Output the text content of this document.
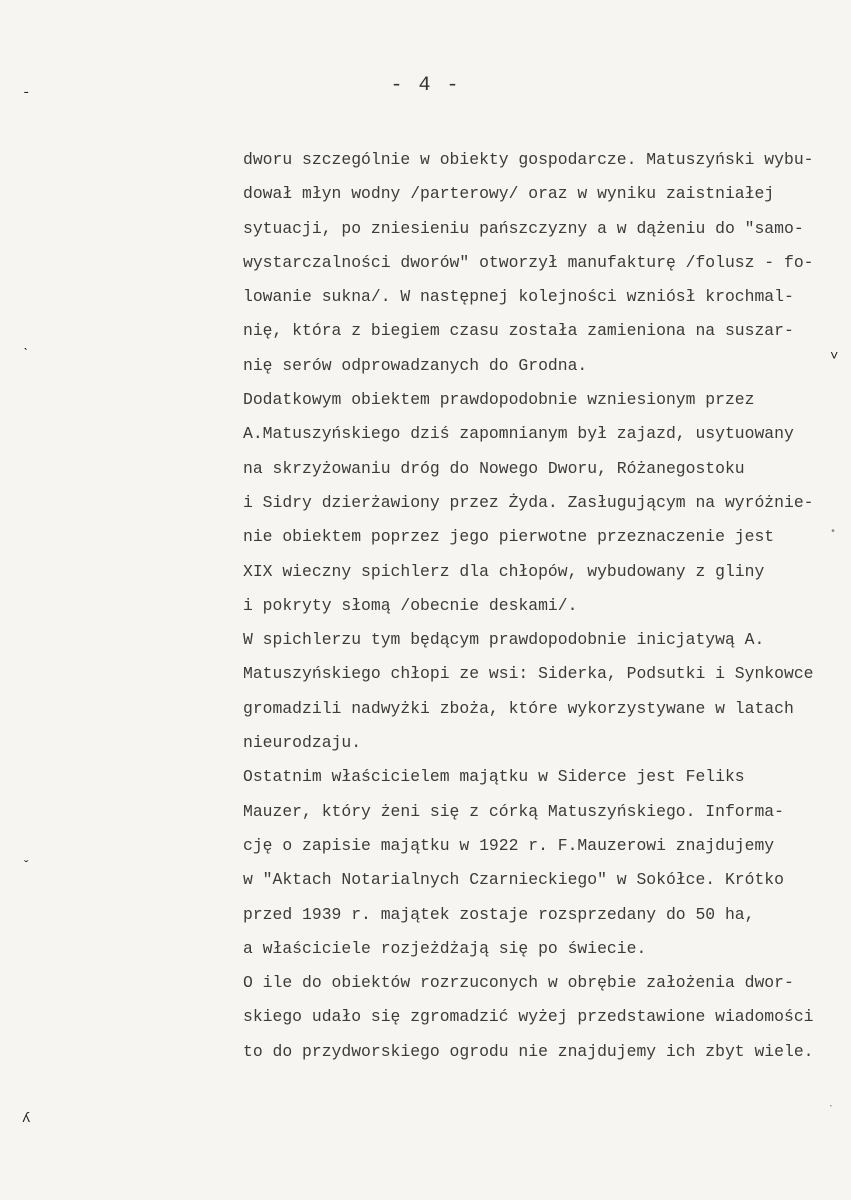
- 4 -
-
ˋ	˅
ˇ
•
ʎ	ˋ
dworu szczególnie w obiekty gospodarcze. Matuszyński wybu-
dował młyn wodny /parterowy/ oraz w wyniku zaistniałej
sytuacji, po zniesieniu pańszczyzny a w dążeniu do "samo-
wystarczalności dworów" otworzył manufakturę /folusz - fo-
lowanie sukna/. W następnej kolejności wzniósł krochmal-
nię, która z biegiem czasu została zamieniona na suszar-
nię serów odprowadzanych do Grodna.
Dodatkowym obiektem prawdopodobnie wzniesionym przez
A.Matuszyńskiego dziś zapomnianym był zajazd, usytuowany
na skrzyżowaniu dróg do Nowego Dworu, Różanegostoku
i Sidry dzierżawiony przez Żyda. Zasługującym na wyróżnie-
nie obiektem poprzez jego pierwotne przeznaczenie jest
XIX wieczny spichlerz dla chłopów, wybudowany z gliny
i pokryty słomą /obecnie deskami/.
W spichlerzu tym będącym prawdopodobnie inicjatywą A.
Matuszyńskiego chłopi ze wsi: Siderka, Podsutki i Synkowce
gromadzili nadwyżki zboża, które wykorzystywane w latach
nieurodzaju.
Ostatnim właścicielem majątku w Siderce jest Feliks
Mauzer, który żeni się z córką Matuszyńskiego. Informa-
cję o zapisie majątku w 1922 r. F.Mauzerowi znajdujemy
w "Aktach Notarialnych Czarnieckiego" w Sokółce. Krótko
przed 1939 r. majątek zostaje rozsprzedany do 50 ha,
a właściciele rozjeżdżają się po świecie.
O ile do obiektów rozrzuconych w obrębie założenia dwor-
skiego udało się zgromadzić wyżej przedstawione wiadomości
to do przydworskiego ogrodu nie znajdujemy ich zbyt wiele.
